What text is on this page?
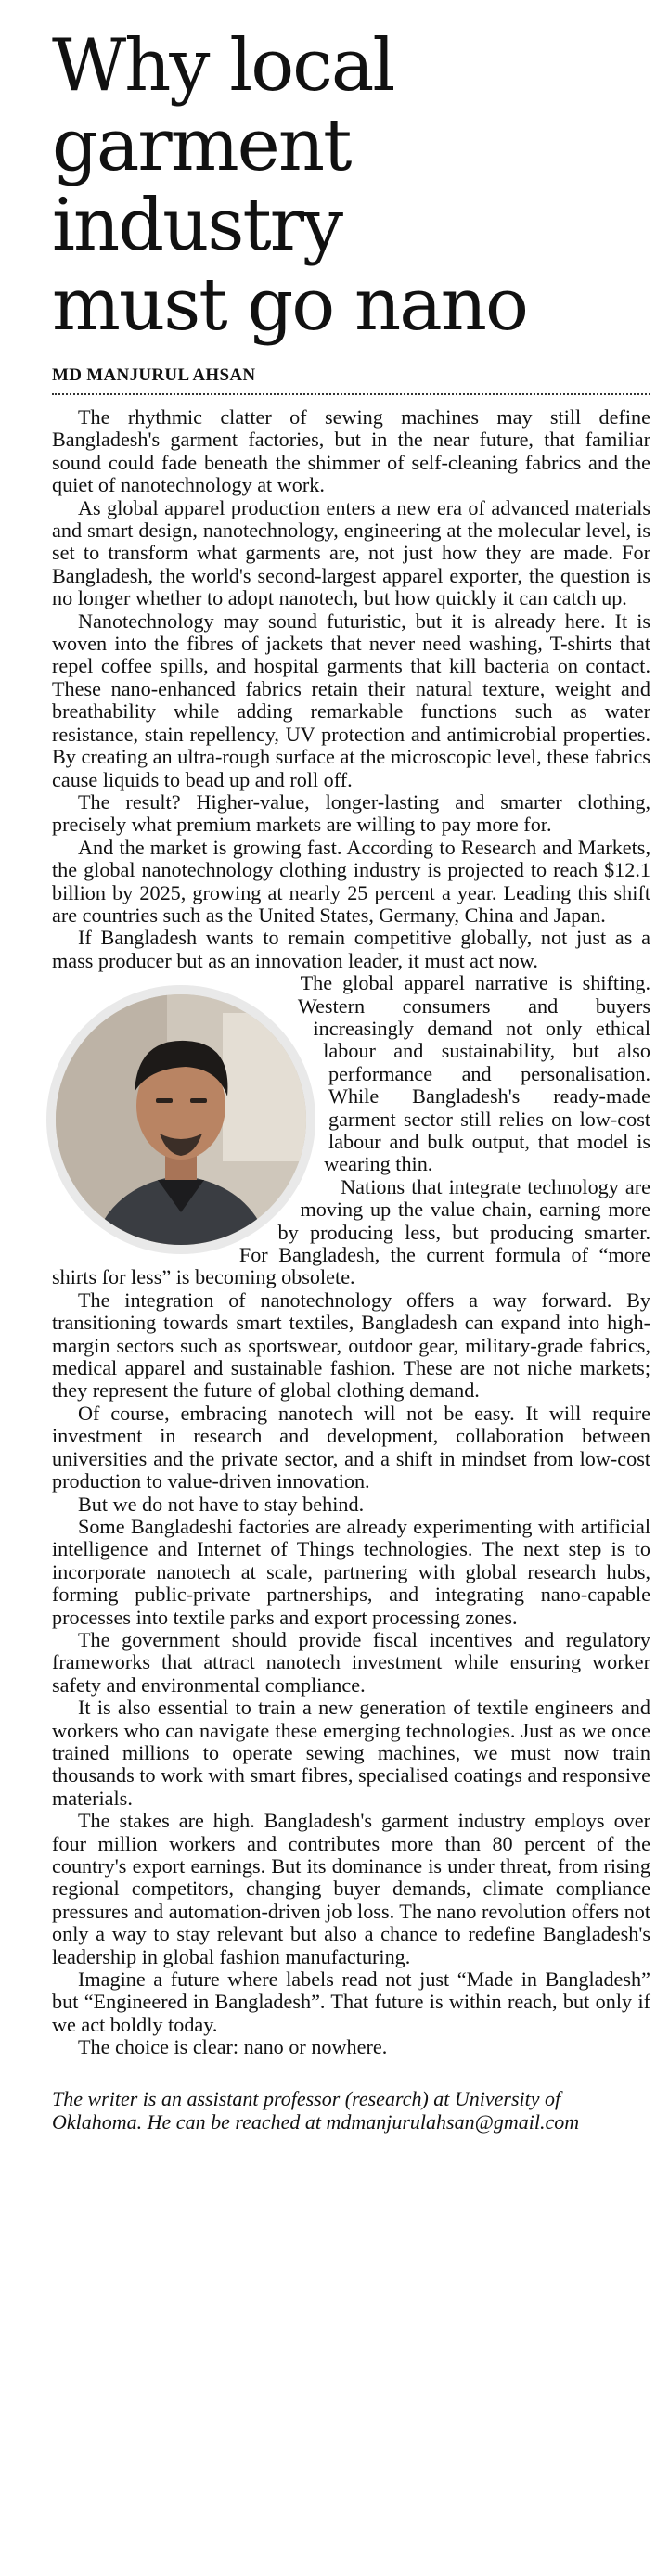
Why local
garment industry
must go nano
MD MANJURUL AHSAN

The rhythmic clatter of sewing machines may still define Bangladesh's garment factories, but in the near future, that familiar sound could fade beneath the shimmer of self-cleaning fabrics and the quiet of nanotechnology at work.

As global apparel production enters a new era of advanced materials and smart design, nanotechnology, engineering at the molecular level, is set to transform what garments are, not just how they are made. For Bangladesh, the world's second-largest apparel exporter, the question is no longer whether to adopt nanotech, but how quickly it can catch up.

Nanotechnology may sound futuristic, but it is already here. It is woven into the fibres of jackets that never need washing, T-shirts that repel coffee spills, and hospital garments that kill bacteria on contact. These nano-enhanced fabrics retain their natural texture, weight and breathability while adding remarkable functions such as water resistance, stain repellency, UV protection and antimicrobial properties. By creating an ultra-rough surface at the microscopic level, these fabrics cause liquids to bead up and roll off.

The result? Higher-value, longer-lasting and smarter clothing, precisely what premium markets are willing to pay more for.

And the market is growing fast. According to Research and Markets, the global nanotechnology clothing industry is projected to reach $12.1 billion by 2025, growing at nearly 25 percent a year. Leading this shift are countries such as the United States, Germany, China and Japan.

If Bangladesh wants to remain competitive globally, not just as a mass producer but as an innovation leader, it must act now.

The global apparel narrative is shifting. Western consumers and buyers increasingly demand not only ethical labour and sustainability, but also performance and personalisation. While Bangladesh's ready-made garment sector still relies on low-cost labour and bulk output, that model is wearing thin.

Nations that integrate technology are moving up the value chain, earning more by producing less, but producing smarter. For Bangladesh, the current formula of “more shirts for less” is becoming obsolete.

The integration of nanotechnology offers a way forward. By transitioning towards smart textiles, Bangladesh can expand into high-margin sectors such as sportswear, outdoor gear, military-grade fabrics, medical apparel and sustainable fashion. These are not niche markets; they represent the future of global clothing demand.

Of course, embracing nanotech will not be easy. It will require investment in research and development, collaboration between universities and the private sector, and a shift in mindset from low-cost production to value-driven innovation.

But we do not have to stay behind.

Some Bangladeshi factories are already experimenting with artificial intelligence and Internet of Things technologies. The next step is to incorporate nanotech at scale, partnering with global research hubs, forming public-private partnerships, and integrating nano-capable processes into textile parks and export processing zones.

The government should provide fiscal incentives and regulatory frameworks that attract nanotech investment while ensuring worker safety and environmental compliance.

It is also essential to train a new generation of textile engineers and workers who can navigate these emerging technologies. Just as we once trained millions to operate sewing machines, we must now train thousands to work with smart fibres, specialised coatings and responsive materials.

The stakes are high. Bangladesh's garment industry employs over four million workers and contributes more than 80 percent of the country's export earnings. But its dominance is under threat, from rising regional competitors, changing buyer demands, climate compliance pressures and automation-driven job loss. The nano revolution offers not only a way to stay relevant but also a chance to redefine Bangladesh's leadership in global fashion manufacturing.

Imagine a future where labels read not just “Made in Bangladesh” but “Engineered in Bangladesh”. That future is within reach, but only if we act boldly today.

The choice is clear: nano or nowhere.

The writer is an assistant professor (research) at University of Oklahoma. He can be reached at mdmanjurulahsan@gmail.com
